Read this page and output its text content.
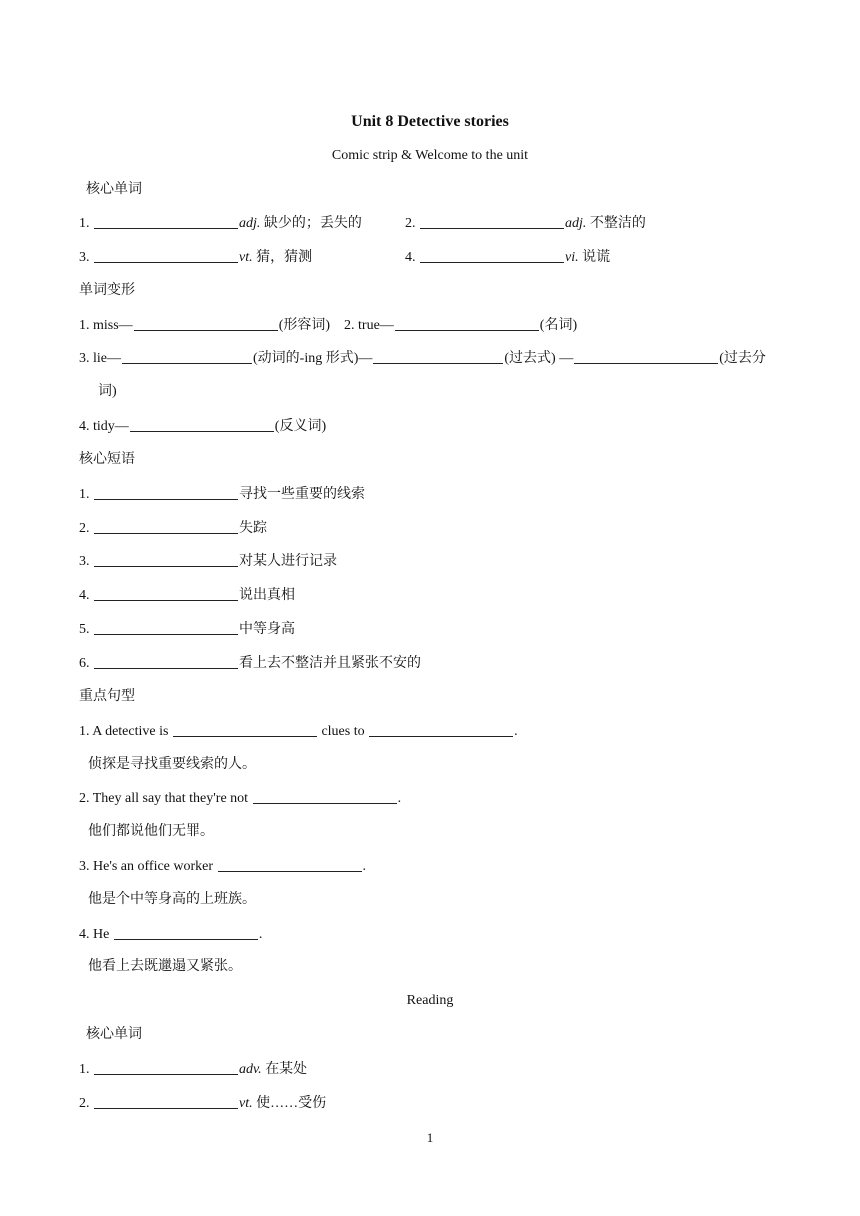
Unit 8 Detective stories
Comic strip & Welcome to the unit
核心单词
1.	adj. 缺少的；丢失的	2.	adj. 不整洁的
3.	vt. 猜，猜测	4.	vi. 说谎
单词变形
1. miss—	(形容词) 2. true—	(名词)
3. lie—	(动词的-ing 形式)—	(过去式) —	(过去分
词)
4. tidy—	(反义词)
核心短语
1.	寻找一些重要的线索
2.	失踪
3.	对某人进行记录
4.	说出真相
5.	中等身高
6.	看上去不整洁并且紧张不安的
重点句型
1. A detective is	clues to	.
侦探是寻找重要线索的人。
2. They all say that they're not	.
他们都说他们无罪。
3. He's an office worker	.
他是个中等身高的上班族。
4. He	.
他看上去既邋遢又紧张。
Reading
核心单词
1.	adv. 在某处
2.	vt. 使……受伤
1
